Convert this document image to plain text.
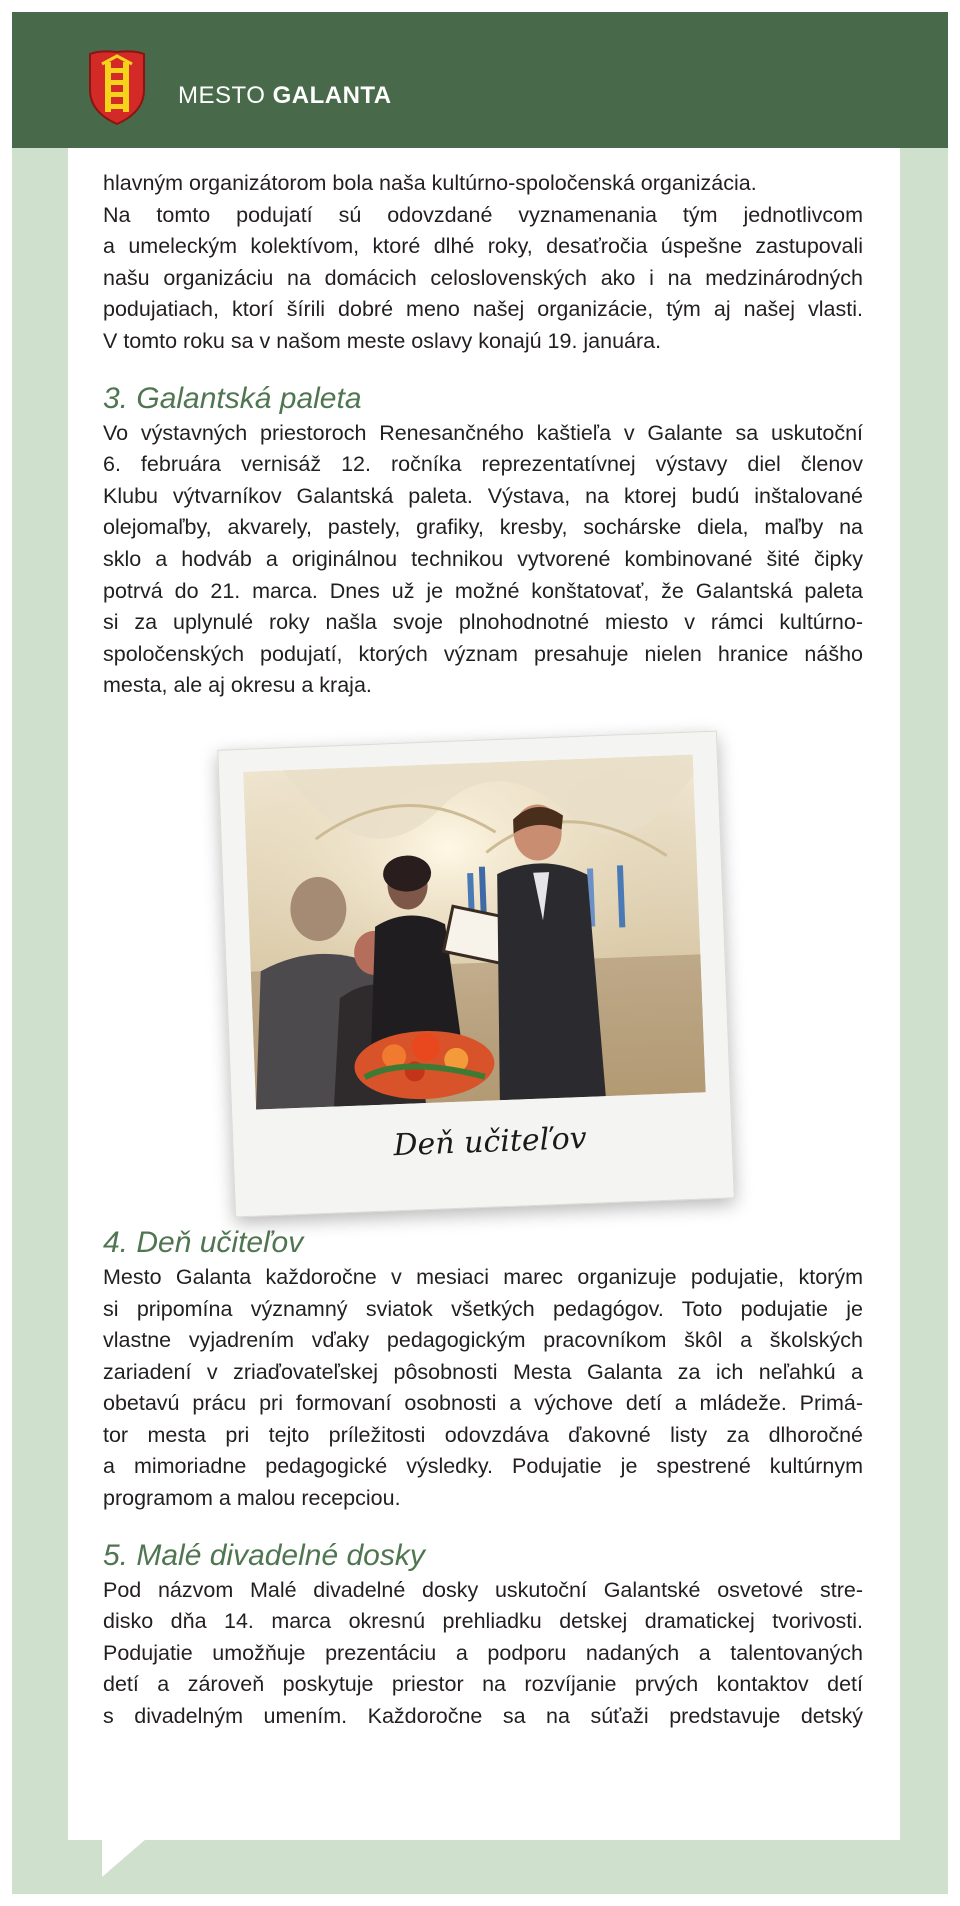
MESTO GALANTA
hlavným organizátorom bola naša kultúrno-spoločenská organizácia.
Na tomto podujatí sú odovzdané vyznamenania tým jednotlivcom
a umeleckým kolektívom, ktoré dlhé roky, desaťročia úspešne zastupovali
našu organizáciu na domácich celoslovenských ako i na medzinárodných
podujatiach, ktorí šírili dobré meno našej organizácie, tým aj našej vlasti.
V tomto roku sa v našom meste oslavy konajú 19. januára.
3. Galantská paleta
Vo výstavných priestoroch Renesančného kaštieľa v Galante sa uskutoční
6. februára vernisáž 12. ročníka reprezentatívnej výstavy diel členov
Klubu výtvarníkov Galantská paleta. Výstava, na ktorej budú inštalované
olejomaľby, akvarely, pastely, grafiky, kresby, sochárske diela, maľby na
sklo a hodváb a originálnou technikou vytvorené kombinované šité čipky
potrvá do 21. marca. Dnes už je možné konštatovať, že Galantská paleta
si za uplynulé roky našla svoje plnohodnotné miesto v rámci kultúrno-
spoločenských podujatí, ktorých význam presahuje nielen hranice nášho
mesta, ale aj okresu a kraja.
4. Deň učiteľov
Mesto Galanta každoročne v mesiaci marec organizuje podujatie, ktorým
si pripomína významný sviatok všetkých pedagógov. Toto podujatie je
vlastne vyjadrením vďaky pedagogickým pracovníkom škôl a školských
zariadení v zriaďovateľskej pôsobnosti Mesta Galanta za ich neľahkú a
obetavú prácu pri formovaní osobnosti a výchove detí a mládeže. Primá-
tor mesta pri tejto príležitosti odovzdáva ďakovné listy za dlhoročné
a mimoriadne pedagogické výsledky. Podujatie je spestrené kultúrnym
programom a malou recepciou.
5. Malé divadelné dosky
Pod názvom Malé divadelné dosky uskutoční Galantské osvetové stre-
disko dňa 14. marca okresnú prehliadku detskej dramatickej tvorivosti.
Podujatie umožňuje prezentáciu a podporu nadaných a talentovaných
detí a zároveň poskytuje priestor na rozvíjanie prvých kontaktov detí
s divadelným umením. Každoročne sa na súťaži predstavuje detský
Deň učiteľov
